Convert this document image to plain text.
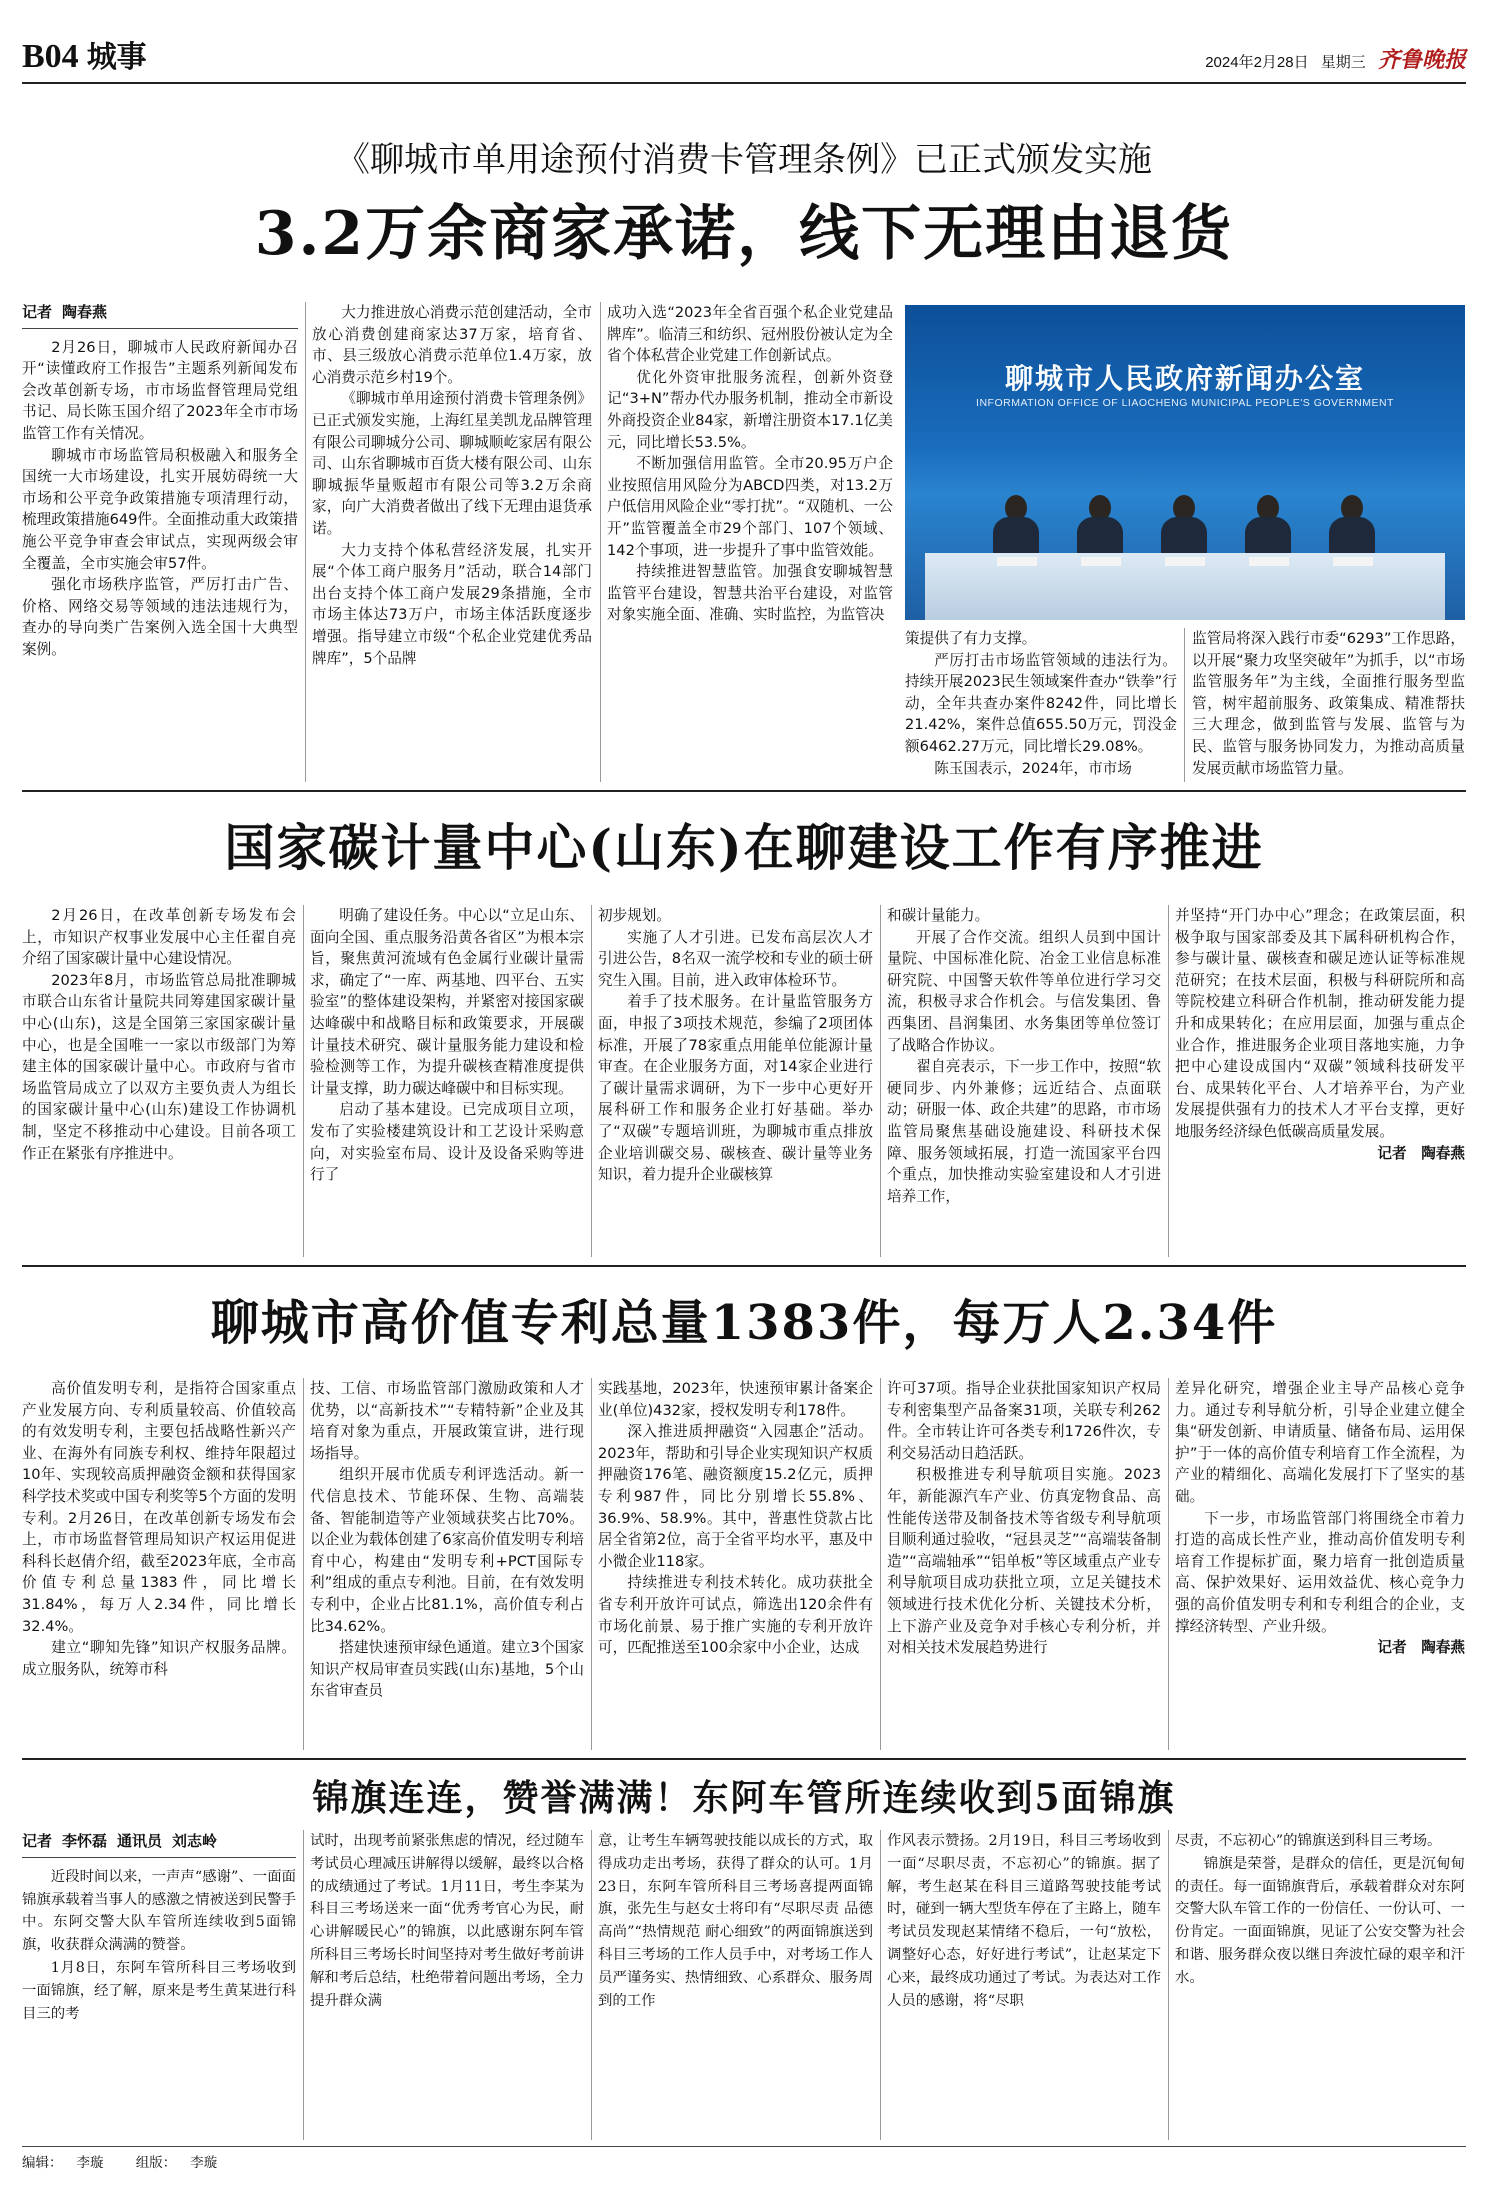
B04 城事	2024年2月28日 星期三 齐鲁晚报
《聊城市单用途预付消费卡管理条例》已正式颁发实施
3.2万余商家承诺，线下无理由退货
记者 陶春燕

2月26日，聊城市人民政府新闻办召开“读懂政府工作报告”主题系列新闻发布会改革创新专场，市市场监督管理局党组书记、局长陈玉国介绍了2023年全市市场监管工作有关情况。

聊城市市场监管局积极融入和服务全国统一大市场建设，扎实开展妨碍统一大市场和公平竞争政策措施专项清理行动，梳理政策措施649件。全面推动重大政策措施公平竞争审查会审试点，实现两级会审全覆盖，全市实施会审57件。

强化市场秩序监管，严厉打击广告、价格、网络交易等领域的违法违规行为，查办的导向类广告案例入选全国十大典型案例。

大力推进放心消费示范创建活动，全市放心消费创建商家达37万家，培育省、市、县三级放心消费示范单位1.4万家，放心消费示范乡村19个。

《聊城市单用途预付消费卡管理条例》已正式颁发实施，上海红星美凯龙品牌管理有限公司聊城分公司、聊城顺屹家居有限公司、山东省聊城市百货大楼有限公司、山东聊城振华量贩超市有限公司等3.2万余商家，向广大消费者做出了线下无理由退货承诺。

大力支持个体私营经济发展，扎实开展“个体工商户服务月”活动，联合14部门出台支持个体工商户发展29条措施，全市市场主体达73万户，市场主体活跃度逐步增强。指导建立市级“个私企业党建优秀品牌库”，5个品牌

成功入选“2023年全省百强个私企业党建品牌库”。临清三和纺织、冠州股份被认定为全省个体私营企业党建工作创新试点。

优化外资审批服务流程，创新外资登记“3+N”帮办代办服务机制，推动全市新设外商投资企业84家，新增注册资本17.1亿美元，同比增长53.5%。

不断加强信用监管。全市20.95万户企业按照信用风险分为ABCD四类，对13.2万户低信用风险企业“零打扰”。“双随机、一公开”监管覆盖全市29个部门、107个领域、142个事项，进一步提升了事中监管效能。

持续推进智慧监管。加强食安聊城智慧监管平台建设，智慧共治平台建设，对监管对象实施全面、准确、实时监控，为监管决

聊城市人民政府新闻办公室
INFORMATION OFFICE OF LIAOCHENG MUNICIPAL PEOPLE'S GOVERNMENT

策提供了有力支撑。

严厉打击市场监管领域的违法行为。持续开展2023民生领域案件查办“铁拳”行动，全年共查办案件8242件，同比增长21.42%，案件总值655.50万元，罚没金额6462.27万元，同比增长29.08%。

陈玉国表示，2024年，市市场

监管局将深入践行市委“6293”工作思路，以开展“聚力攻坚突破年”为抓手，以“市场监管服务年”为主线，全面推行服务型监管，树牢超前服务、政策集成、精准帮扶三大理念，做到监管与发展、监管与为民、监管与服务协同发力，为推动高质量发展贡献市场监管力量。

国家碳计量中心(山东)在聊建设工作有序推进

2月26日，在改革创新专场发布会上，市知识产权事业发展中心主任翟自亮介绍了国家碳计量中心建设情况。

2023年8月，市场监管总局批准聊城市联合山东省计量院共同筹建国家碳计量中心(山东)，这是全国第三家国家碳计量中心，也是全国唯一一家以市级部门为筹建主体的国家碳计量中心。市政府与省市场监管局成立了以双方主要负责人为组长的国家碳计量中心(山东)建设工作协调机制，坚定不移推动中心建设。目前各项工作正在紧张有序推进中。

明确了建设任务。中心以“立足山东、面向全国、重点服务沿黄各省区”为根本宗旨，聚焦黄河流域有色金属行业碳计量需求，确定了“一库、两基地、四平台、五实验室”的整体建设架构，并紧密对接国家碳达峰碳中和战略目标和政策要求，开展碳计量技术研究、碳计量服务能力建设和检验检测等工作，为提升碳核查精准度提供计量支撑，助力碳达峰碳中和目标实现。

启动了基本建设。已完成项目立项，发布了实验楼建筑设计和工艺设计采购意向，对实验室布局、设计及设备采购等进行了

初步规划。

实施了人才引进。已发布高层次人才引进公告，8名双一流学校和专业的硕士研究生入围。目前，进入政审体检环节。

着手了技术服务。在计量监管服务方面，申报了3项技术规范，参编了2项团体标准，开展了78家重点用能单位能源计量审查。在企业服务方面，对14家企业进行了碳计量需求调研，为下一步中心更好开展科研工作和服务企业打好基础。举办了“双碳”专题培训班，为聊城市重点排放企业培训碳交易、碳核查、碳计量等业务知识，着力提升企业碳核算

和碳计量能力。

开展了合作交流。组织人员到中国计量院、中国标准化院、冶金工业信息标准研究院、中国警天软件等单位进行学习交流，积极寻求合作机会。与信发集团、鲁西集团、昌润集团、水务集团等单位签订了战略合作协议。

翟自亮表示，下一步工作中，按照“软硬同步、内外兼修；远近结合、点面联动；研服一体、政企共建”的思路，市市场监管局聚焦基础设施建设、科研技术保障、服务领域拓展，打造一流国家平台四个重点，加快推动实验室建设和人才引进培养工作，

并坚持“开门办中心”理念；在政策层面，积极争取与国家部委及其下属科研机构合作，参与碳计量、碳核查和碳足迹认证等标准规范研究；在技术层面，积极与科研院所和高等院校建立科研合作机制，推动研发能力提升和成果转化；在应用层面，加强与重点企业合作，推进服务企业项目落地实施，力争把中心建设成国内“双碳”领域科技研发平台、成果转化平台、人才培养平台，为产业发展提供强有力的技术人才平台支撑，更好地服务经济绿色低碳高质量发展。

记者　 陶春燕

聊城市高价值专利总量1383件，每万人2.34件

高价值发明专利，是指符合国家重点产业发展方向、专利质量较高、价值较高的有效发明专利，主要包括战略性新兴产业、在海外有同族专利权、维持年限超过10年、实现较高质押融资金额和获得国家科学技术奖或中国专利奖等5个方面的发明专利。2月26日，在改革创新专场发布会上，市市场监督管理局知识产权运用促进科科长赵倩介绍，截至2023年底，全市高价值专利总量1383件，同比增长31.84%，每万人2.34件，同比增长32.4%。

建立“聊知先锋”知识产权服务品牌。成立服务队，统筹市科

技、工信、市场监管部门激励政策和人才优势，以“高新技术”“专精特新”企业及其培育对象为重点，开展政策宣讲，进行现场指导。

组织开展市优质专利评选活动。新一代信息技术、节能环保、生物、高端装备、智能制造等产业领域获奖占比70%。以企业为载体创建了6家高价值发明专利培育中心，构建由“发明专利+PCT国际专利”组成的重点专利池。目前，在有效发明专利中，企业占比81.1%，高价值专利占比34.62%。

搭建快速预审绿色通道。建立3个国家知识产权局审查员实践(山东)基地，5个山东省审查员

实践基地，2023年，快速预审累计备案企业(单位)432家，授权发明专利178件。

深入推进质押融资“入园惠企”活动。2023年，帮助和引导企业实现知识产权质押融资176笔、融资额度15.2亿元，质押专利987件，同比分别增长55.8%、36.9%、58.9%。其中，普惠性贷款占比居全省第2位，高于全省平均水平，惠及中小微企业118家。

持续推进专利技术转化。成功获批全省专利开放许可试点，筛选出120余件有市场化前景、易于推广实施的专利开放许可，匹配推送至100余家中小企业，达成

许可37项。指导企业获批国家知识产权局专利密集型产品备案31项，关联专利262件。全市转让许可各类专利1726件次，专利交易活动日趋活跃。

积极推进专利导航项目实施。2023年，新能源汽车产业、仿真宠物食品、高性能传送带及制备技术等省级专利导航项目顺利通过验收，“冠县灵芝”“高端装备制造”“高端轴承”“铝单板”等区域重点产业专利导航项目成功获批立项，立足关键技术领域进行技术优化分析、关键技术分析，上下游产业及竞争对手核心专利分析，并对相关技术发展趋势进行

差异化研究，增强企业主导产品核心竞争力。通过专利导航分析，引导企业建立健全集“研发创新、申请质量、储备布局、运用保护”于一体的高价值专利培育工作全流程，为产业的精细化、高端化发展打下了坚实的基础。

下一步，市场监管部门将围绕全市着力打造的高成长性产业，推动高价值发明专利培育工作提标扩面，聚力培育一批创造质量高、保护效果好、运用效益优、核心竞争力强的高价值发明专利和专利组合的企业，支撑经济转型、产业升级。

记者　 陶春燕

锦旗连连，赞誉满满！东阿车管所连续收到5面锦旗
记者 李怀磊 通讯员 刘志岭

近段时间以来，一声声“感谢”、一面面锦旗承载着当事人的感激之情被送到民警手中。东阿交警大队车管所连续收到5面锦旗，收获群众满满的赞誉。

1月8日，东阿车管所科目三考场收到一面锦旗，经了解，原来是考生黄某进行科目三的考

试时，出现考前紧张焦虑的情况，经过随车考试员心理减压讲解得以缓解，最终以合格的成绩通过了考试。1月11日，考生李某为科目三考场送来一面“优秀考官心为民，耐心讲解暖民心”的锦旗，以此感谢东阿车管所科目三考场长时间坚持对考生做好考前讲解和考后总结，杜绝带着问题出考场，全力提升群众满

意，让考生车辆驾驶技能以成长的方式，取得成功走出考场，获得了群众的认可。1月23日，东阿车管所科目三考场喜提两面锦旗，张先生与赵女士将印有“尽职尽责 品德高尚”“热情规范 耐心细致”的两面锦旗送到科目三考场的工作人员手中，对考场工作人员严谨务实、热情细致、心系群众、服务周到的工作

作风表示赞扬。2月19日，科目三考场收到一面“尽职尽责，不忘初心”的锦旗。据了解，考生赵某在科目三道路驾驶技能考试时，碰到一辆大型货车停在了主路上，随车考试员发现赵某情绪不稳后，一句“放松，调整好心态，好好进行考试”，让赵某定下心来，最终成功通过了考试。为表达对工作人员的感谢，将“尽职

尽责，不忘初心”的锦旗送到科目三考场。

锦旗是荣誉，是群众的信任，更是沉甸甸的责任。每一面锦旗背后，承载着群众对东阿交警大队车管工作的一份信任、一份认可、一份肯定。一面面锦旗，见证了公安交警为社会和谐、服务群众夜以继日奔波忙碌的艰辛和汗水。

编辑： 李璇 组版： 李璇
